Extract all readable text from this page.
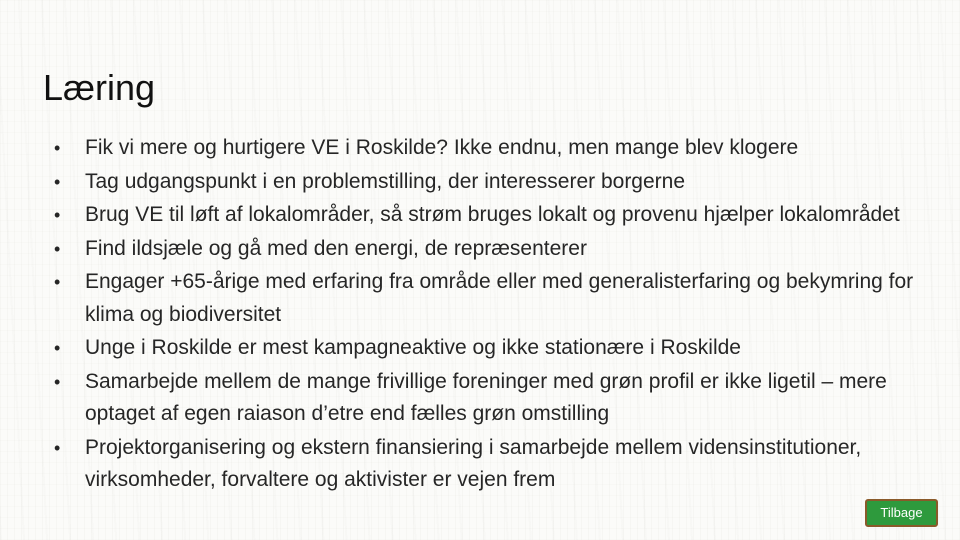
Læring
• Fik vi mere og hurtigere VE i Roskilde? Ikke endnu, men mange blev klogere
• Tag udgangspunkt i en problemstilling, der interesserer borgerne
• Brug VE til løft af lokalområder, så strøm bruges lokalt og provenu hjælper lokalområdet
• Find ildsjæle og gå med den energi, de repræsenterer
• Engager +65-årige med erfaring fra område eller med generalisterfaring og bekymring for klima og biodiversitet
• Unge i Roskilde er mest kampagneaktive og ikke stationære i Roskilde
• Samarbejde mellem de mange frivillige foreninger med grøn profil er ikke ligetil – mere optaget af egen raiason d’etre end fælles grøn omstilling
• Projektorganisering og ekstern finansiering i samarbejde mellem vidensinstitutioner, virksomheder, forvaltere og aktivister er vejen frem
Tilbage
